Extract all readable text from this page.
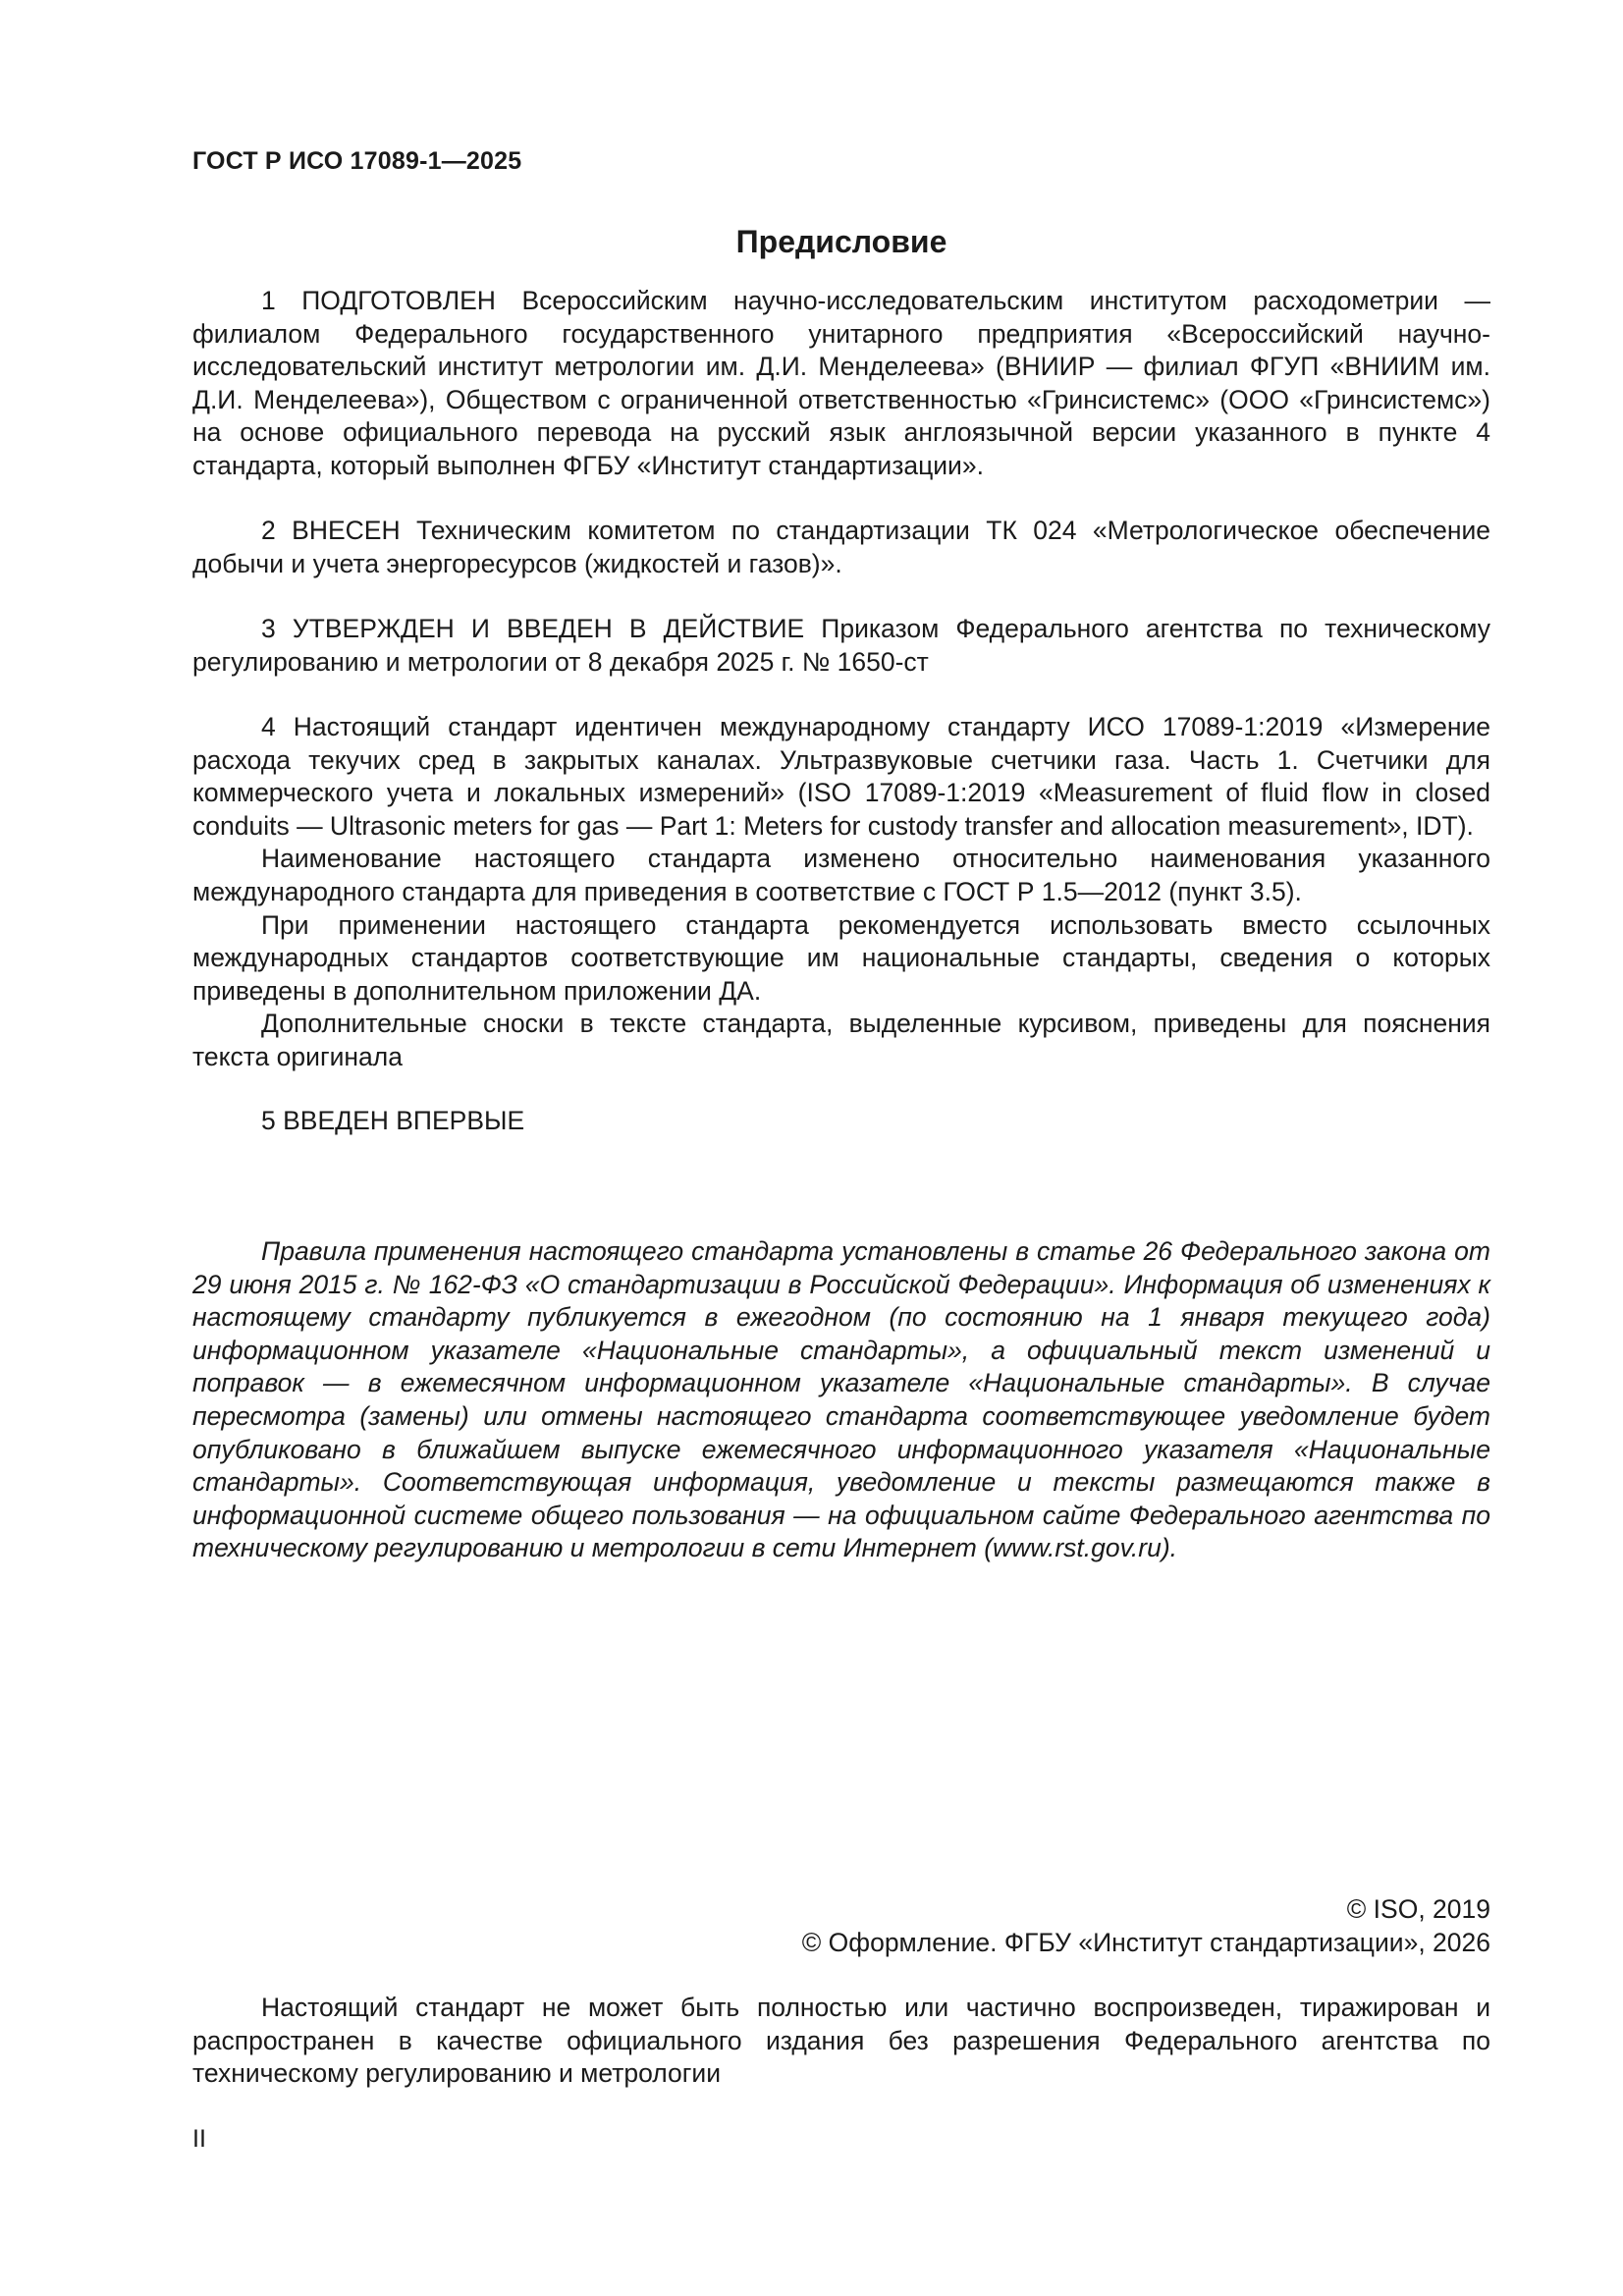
ГОСТ Р ИСО 17089-1—2025
Предисловие

1 ПОДГОТОВЛЕН Всероссийским научно-исследовательским институтом расходометрии — филиалом Федерального государственного унитарного предприятия «Всероссийский научно-исследовательский институт метрологии им. Д.И. Менделеева» (ВНИИР — филиал ФГУП «ВНИИМ им. Д.И. Менделеева»), Обществом с ограниченной ответственностью «Гринсистемс» (ООО «Гринсистемс») на основе официального перевода на русский язык англоязычной версии указанного в пункте 4 стандарта, который выполнен ФГБУ «Институт стандартизации».

2 ВНЕСЕН Техническим комитетом по стандартизации ТК 024 «Метрологическое обеспечение добычи и учета энергоресурсов (жидкостей и газов)».

3 УТВЕРЖДЕН И ВВЕДЕН В ДЕЙСТВИЕ Приказом Федерального агентства по техническому регулированию и метрологии от 8 декабря 2025 г. № 1650-ст

4 Настоящий стандарт идентичен международному стандарту ИСО 17089-1:2019 «Измерение расхода текучих сред в закрытых каналах. Ультразвуковые счетчики газа. Часть 1. Счетчики для коммерческого учета и локальных измерений» (ISO 17089-1:2019 «Measurement of fluid flow in closed conduits — Ultrasonic meters for gas — Part 1: Meters for custody transfer and allocation measurement», IDT).

Наименование настоящего стандарта изменено относительно наименования указанного международного стандарта для приведения в соответствие с ГОСТ Р 1.5—2012 (пункт 3.5).

При применении настоящего стандарта рекомендуется использовать вместо ссылочных международных стандартов соответствующие им национальные стандарты, сведения о которых приведены в дополнительном приложении ДА.

Дополнительные сноски в тексте стандарта, выделенные курсивом, приведены для пояснения текста оригинала

5 ВВЕДЕН ВПЕРВЫЕ

Правила применения настоящего стандарта установлены в статье 26 Федерального закона от 29 июня 2015 г. № 162-ФЗ «О стандартизации в Российской Федерации». Информация об изменениях к настоящему стандарту публикуется в ежегодном (по состоянию на 1 января текущего года) информационном указателе «Национальные стандарты», а официальный текст изменений и поправок — в ежемесячном информационном указателе «Национальные стандарты». В случае пересмотра (замены) или отмены настоящего стандарта соответствующее уведомление будет опубликовано в ближайшем выпуске ежемесячного информационного указателя «Национальные стандарты». Соответствующая информация, уведомление и тексты размещаются также в информационной системе общего пользования — на официальном сайте Федерального агентства по техническому регулированию и метрологии в сети Интернет (www.rst.gov.ru).

© ISO, 2019

© Оформление. ФГБУ «Институт стандартизации», 2026

Настоящий стандарт не может быть полностью или частично воспроизведен, тиражирован и распространен в качестве официального издания без разрешения Федерального агентства по техническому регулированию и метрологии

II
